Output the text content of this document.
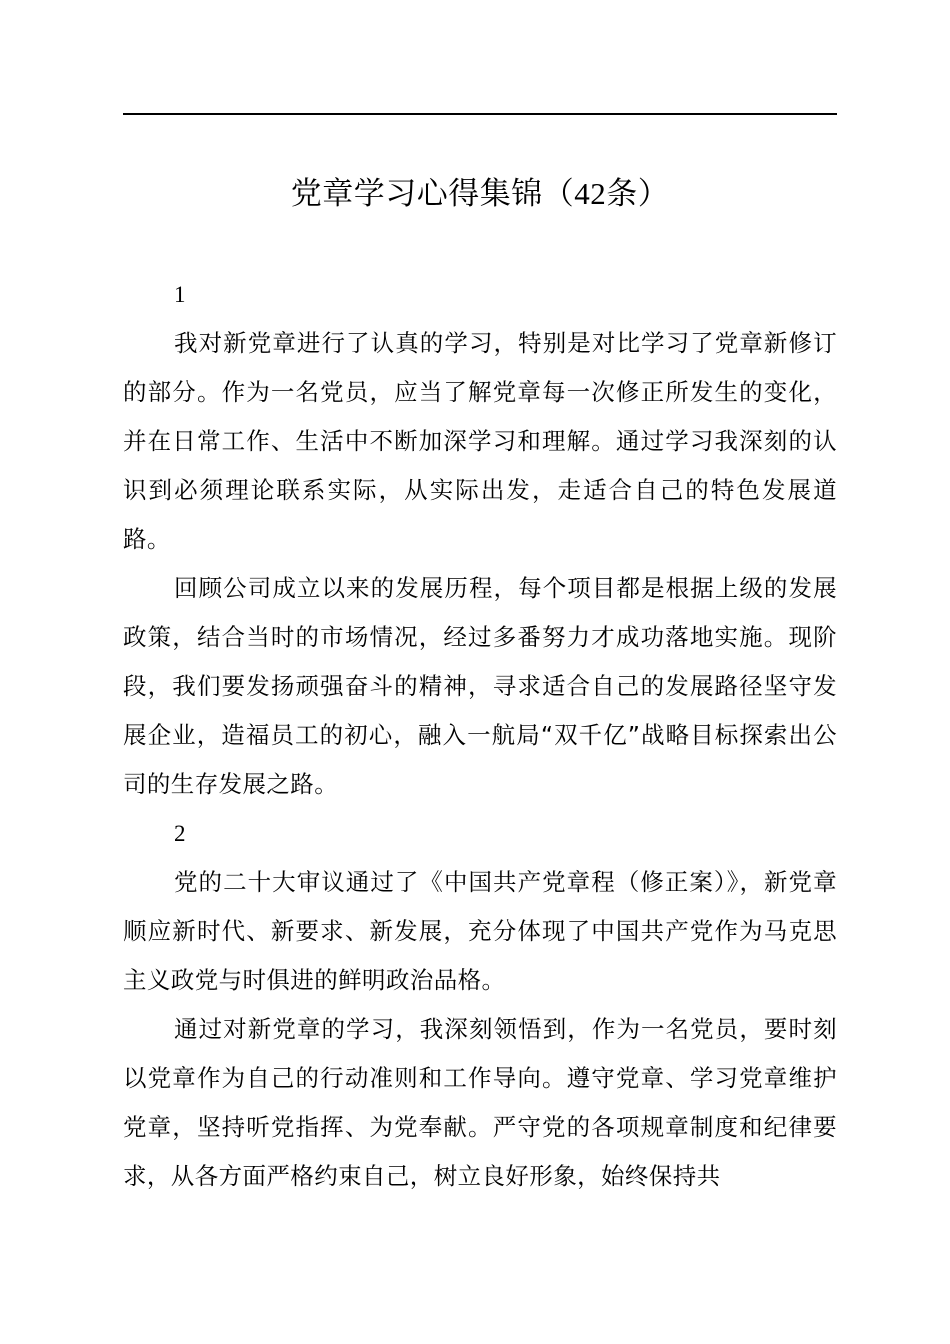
党章学习心得集锦（42条）

1

我对新党章进行了认真的学习，特别是对比学习了党章新修订的部分。作为一名党员，应当了解党章每一次修正所发生的变化，并在日常工作、生活中不断加深学习和理解。通过学习我深刻的认识到必须理论联系实际，从实际出发，走适合自己的特色发展道路。

回顾公司成立以来的发展历程，每个项目都是根据上级的发展政策，结合当时的市场情况，经过多番努力才成功落地实施。现阶段，我们要发扬顽强奋斗的精神，寻求适合自己的发展路径坚守发展企业，造福员工的初心，融入一航局“双千亿”战略目标探索出公司的生存发展之路。

2

党的二十大审议通过了《中国共产党章程（修正案）》，新党章顺应新时代、新要求、新发展，充分体现了中国共产党作为马克思主义政党与时俱进的鲜明政治品格。

通过对新党章的学习，我深刻领悟到，作为一名党员，要时刻以党章作为自己的行动准则和工作导向。遵守党章、学习党章维护党章，坚持听党指挥、为党奉献。严守党的各项规章制度和纪律要求，从各方面严格约束自己，树立良好形象，始终保持共
